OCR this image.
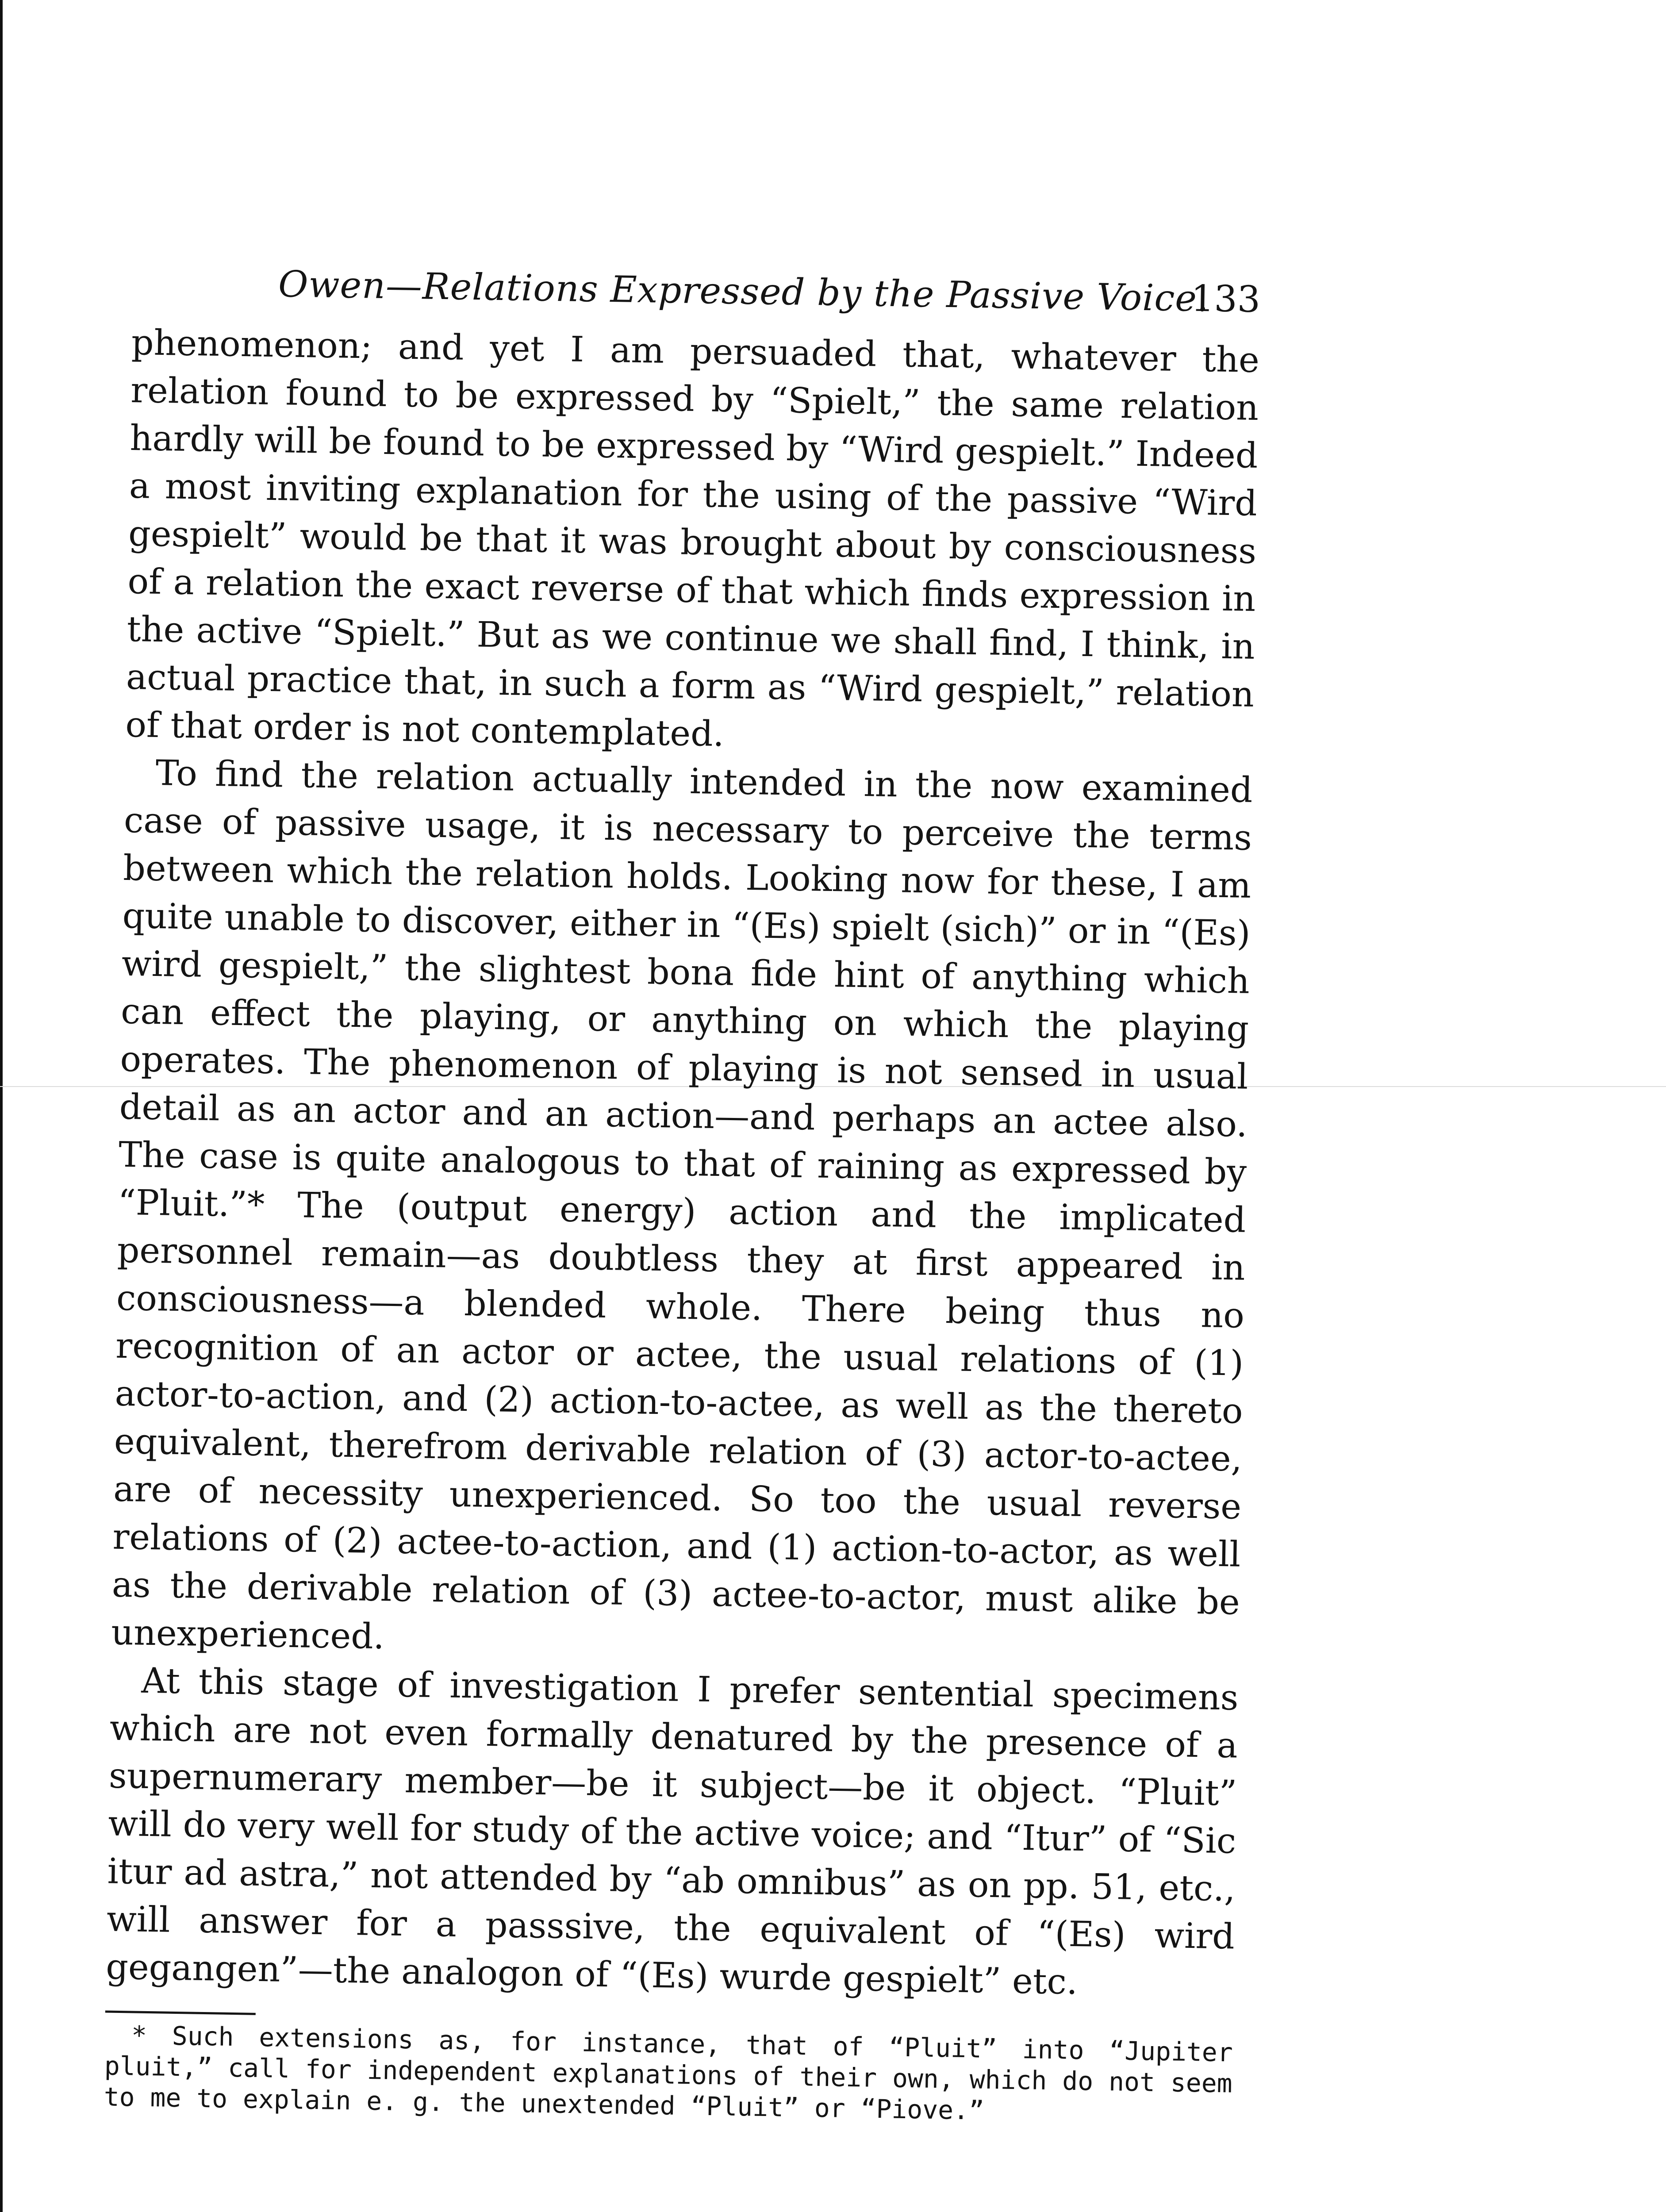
Owen—Relations Expressed by the Passive Voice.
133

phenomenon; and yet I am persuaded that, whatever the relation found to be expressed by “Spielt,” the same relation hardly will be found to be expressed by “Wird gespielt.” Indeed a most inviting explanation for the using of the passive “Wird gespielt” would be that it was brought about by consciousness of a relation the exact reverse of that which finds expression in the active “Spielt.” But as we continue we shall find, I think, in actual practice that, in such a form as “Wird gespielt,” relation of that order is not contemplated.

To find the relation actually intended in the now examined case of passive usage, it is necessary to perceive the terms between which the relation holds. Looking now for these, I am quite unable to discover, either in “(Es) spielt (sich)” or in “(Es) wird gespielt,” the slightest bona fide hint of anything which can effect the playing, or anything on which the playing operates. The phenomenon of playing is not sensed in usual detail as an actor and an action—and perhaps an actee also. The case is quite analogous to that of raining as expressed by “Pluit.”* The (output energy) action and the implicated personnel remain—as doubtless they at first appeared in consciousness—a blended whole. There being thus no recognition of an actor or actee, the usual relations of (1) actor-to-action, and (2) action-to-actee, as well as the thereto equivalent, therefrom derivable relation of (3) actor-to-actee, are of necessity unexperienced. So too the usual reverse relations of (2) actee-to-action, and (1) action-to-actor, as well as the derivable relation of (3) actee-to-actor, must alike be unexperienced.

At this stage of investigation I prefer sentential specimens which are not even formally denatured by the presence of a supernumerary member—be it subject—be it object. “Pluit” will do very well for study of the active voice; and “Itur” of “Sic itur ad astra,” not attended by “ab omnibus” as on pp. 51, etc., will answer for a passsive, the equivalent of “(Es) wird gegangen”—the analogon of “(Es) wurde gespielt” etc.

* Such extensions as, for instance, that of “Pluit” into “Jupiter pluit,” call for independent explanations of their own, which do not seem to me to explain e. g. the unextended “Pluit” or “Piove.”
